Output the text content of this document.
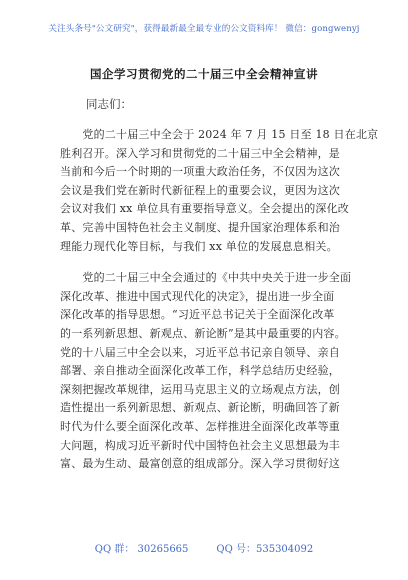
关注头条号"公文研究"，获得最新最全最专业的公文资料库！ 微信：gongwenyj
国企学习贯彻党的二十届三中全会精神宣讲
同志们：
　　党的二十届三中全会于 2024 年 7 月 15 日至 18 日在北京
胜利召开。深入学习和贯彻党的二十届三中全会精神，是
当前和今后一个时期的一项重大政治任务，不仅因为这次
会议是我们党在新时代新征程上的重要会议，更因为这次
会议对我们 xx 单位具有重要指导意义。全会提出的深化改
革、完善中国特色社会主义制度、提升国家治理体系和治
理能力现代化等目标，与我们 xx 单位的发展息息相关。
　　党的二十届三中全会通过的《中共中央关于进一步全面
深化改革、推进中国式现代化的决定》，提出进一步全面
深化改革的指导思想。“习近平总书记关于全面深化改革
的一系列新思想、新观点、新论断”是其中最重要的内容。
党的十八届三中全会以来，习近平总书记亲自领导、亲自
部署、亲自推动全面深化改革工作，科学总结历史经验，
深刻把握改革规律，运用马克思主义的立场观点方法，创
造性提出一系列新思想、新观点、新论断，明确回答了新
时代为什么要全面深化改革、怎样推进全面深化改革等重
大问题，构成习近平新时代中国特色社会主义思想最为丰
富、最为生动、最富创意的组成部分。深入学习贯彻好这
QQ 群： 30265665	QQ 号：535304092
